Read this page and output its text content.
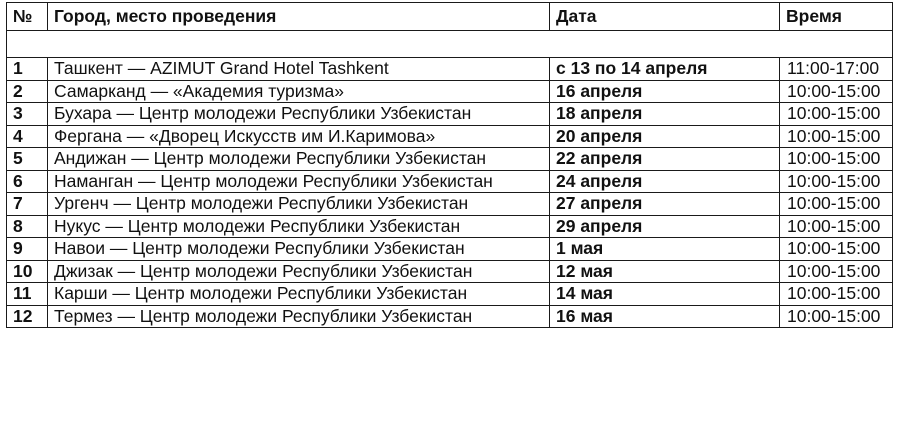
№	Город, место проведения	Дата	Время

1	Ташкент — AZIMUT Grand Hotel Tashkent	с 13 по 14 апреля	11:00-17:00
2	Самарканд — «Академия туризма»	16 апреля	10:00-15:00
3	Бухара — Центр молодежи Республики Узбекистан	18 апреля	10:00-15:00
4	Фергана — «Дворец Искусств им И.Каримова»	20 апреля	10:00-15:00
5	Андижан — Центр молодежи Республики Узбекистан	22 апреля	10:00-15:00
6	Наманган — Центр молодежи Республики Узбекистан	24 апреля	10:00-15:00
7	Ургенч — Центр молодежи Республики Узбекистан	27 апреля	10:00-15:00
8	Нукус — Центр молодежи Республики Узбекистан	29 апреля	10:00-15:00
9	Навои — Центр молодежи Республики Узбекистан	1 мая	10:00-15:00
10	Джизак — Центр молодежи Республики Узбекистан	12 мая	10:00-15:00
11	Карши — Центр молодежи Республики Узбекистан	14 мая	10:00-15:00
12	Термез — Центр молодежи Республики Узбекистан	16 мая	10:00-15:00
